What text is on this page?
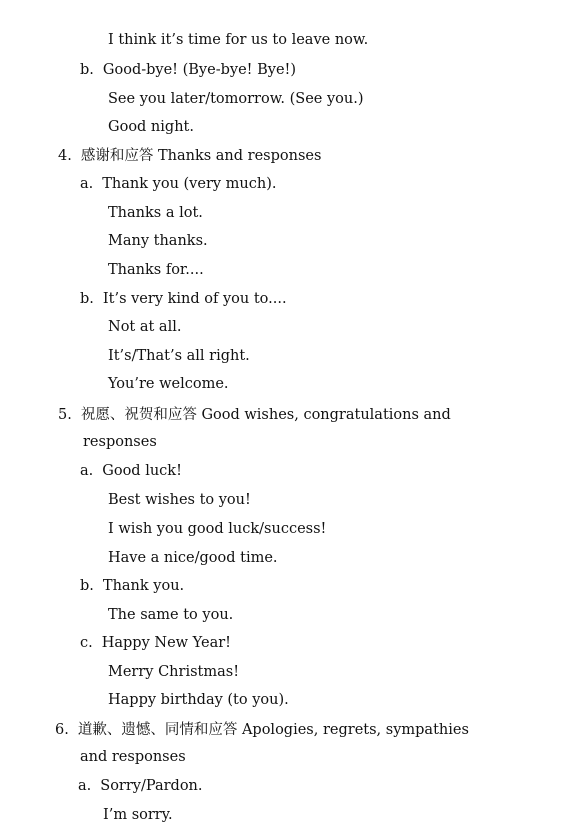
I think it’s time for us to leave now.
b. Good-bye! (Bye-bye! Bye!)
See you later/tomorrow. (See you.)
Good night.
4. 感谢和应答 Thanks and responses
a. Thank you (very much).
Thanks a lot.
Many thanks.
Thanks for....
b. It’s very kind of you to....
Not at all.
It’s/That’s all right.
You’re welcome.
5. 祝愿、祝贺和应答 Good wishes, congratulations and
responses
a. Good luck!
Best wishes to you!
I wish you good luck/success!
Have a nice/good time.
b. Thank you.
The same to you.
c. Happy New Year!
Merry Christmas!
Happy birthday (to you).
6. 道歉、遗憾、同情和应答 Apologies, regrets, sympathies
and responses
a. Sorry/Pardon.
I’m sorry.
